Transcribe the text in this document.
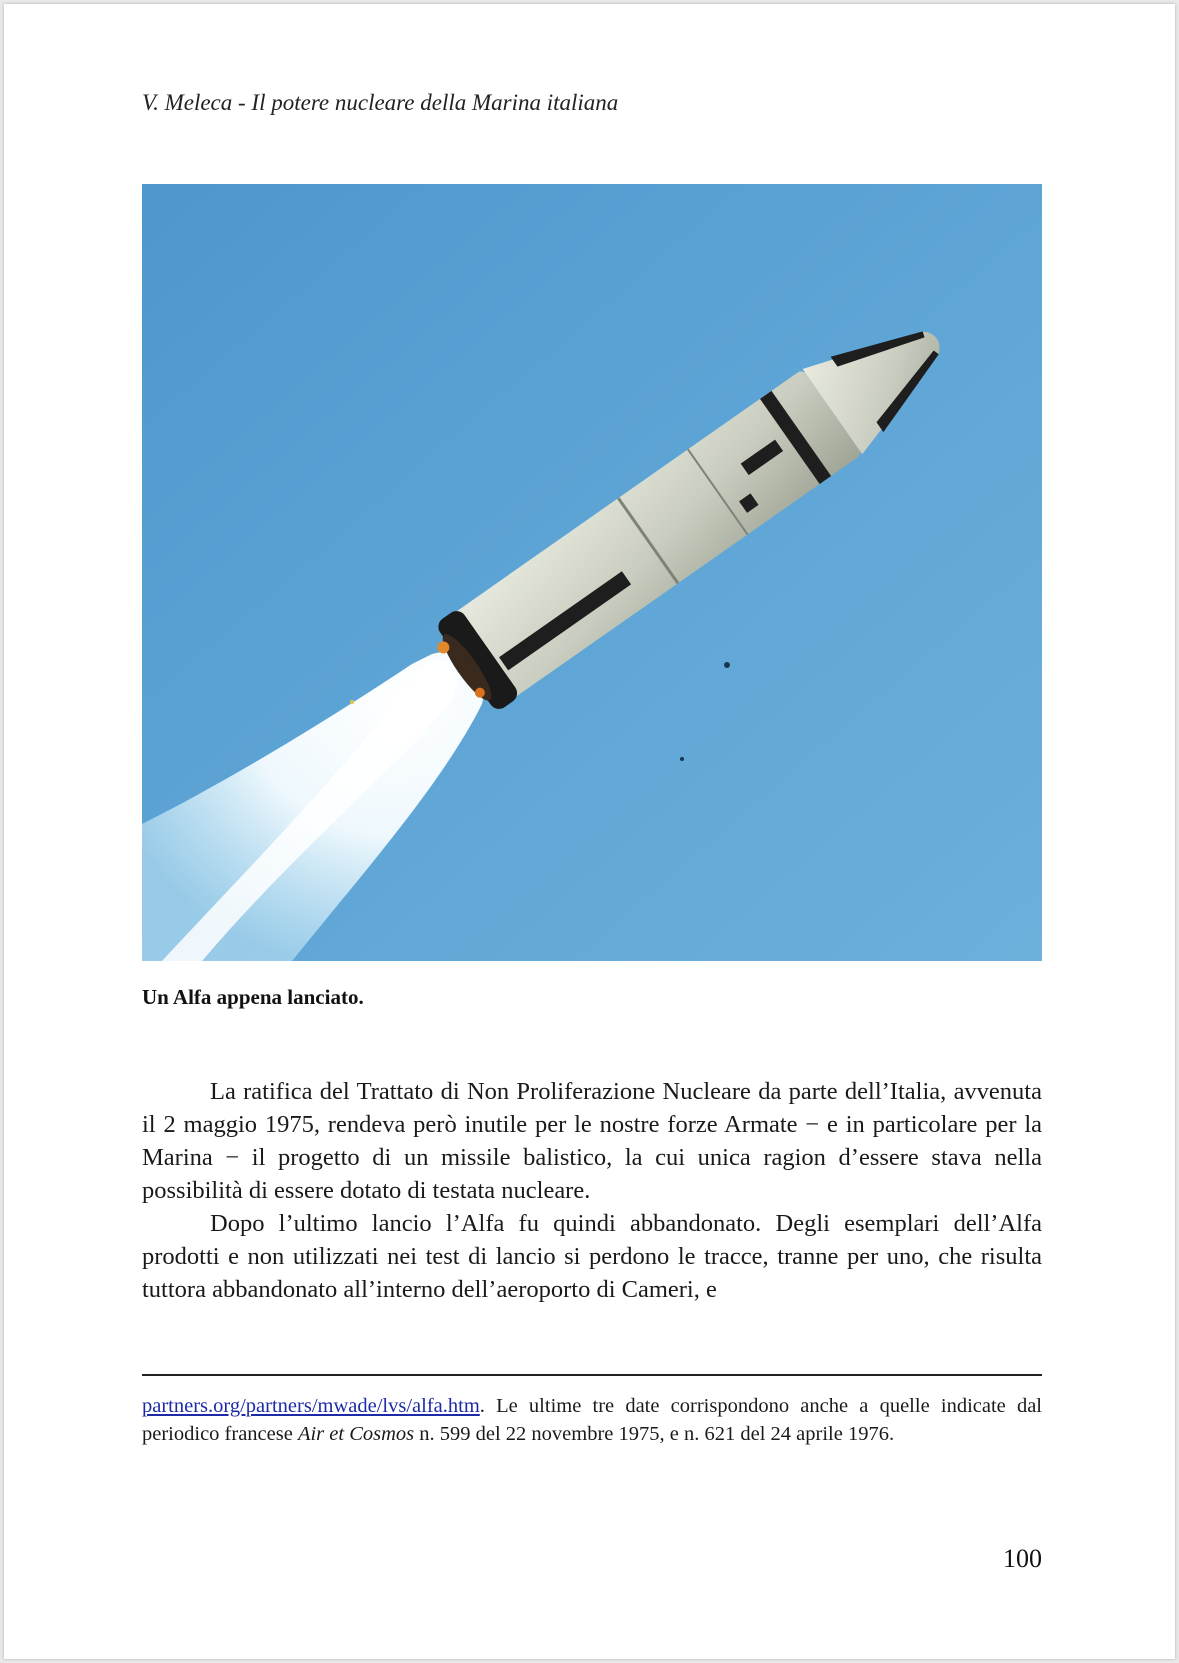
V. Meleca - Il potere nucleare della Marina italiana

Un Alfa appena lanciato.

La ratifica del Trattato di Non Proliferazione Nucleare da parte dell’Italia, avvenuta il 2 maggio 1975, rendeva però inutile per le nostre forze Armate − e in particolare per la Marina − il progetto di un missile balistico, la cui unica ragion d’essere stava nella possibilità di essere dotato di testata nucleare.

Dopo l’ultimo lancio l’Alfa fu quindi abbandonato. Degli esemplari dell’Alfa prodotti e non utilizzati nei test di lancio si perdono le tracce, tranne per uno, che risulta tuttora abbandonato all’interno dell’aeroporto di Cameri, e

partners.org/partners/mwade/lvs/alfa.htm. Le ultime tre date corrispondono anche a quelle indicate dal periodico francese Air et Cosmos n. 599 del 22 novembre 1975, e n. 621 del 24 aprile 1976.

100
